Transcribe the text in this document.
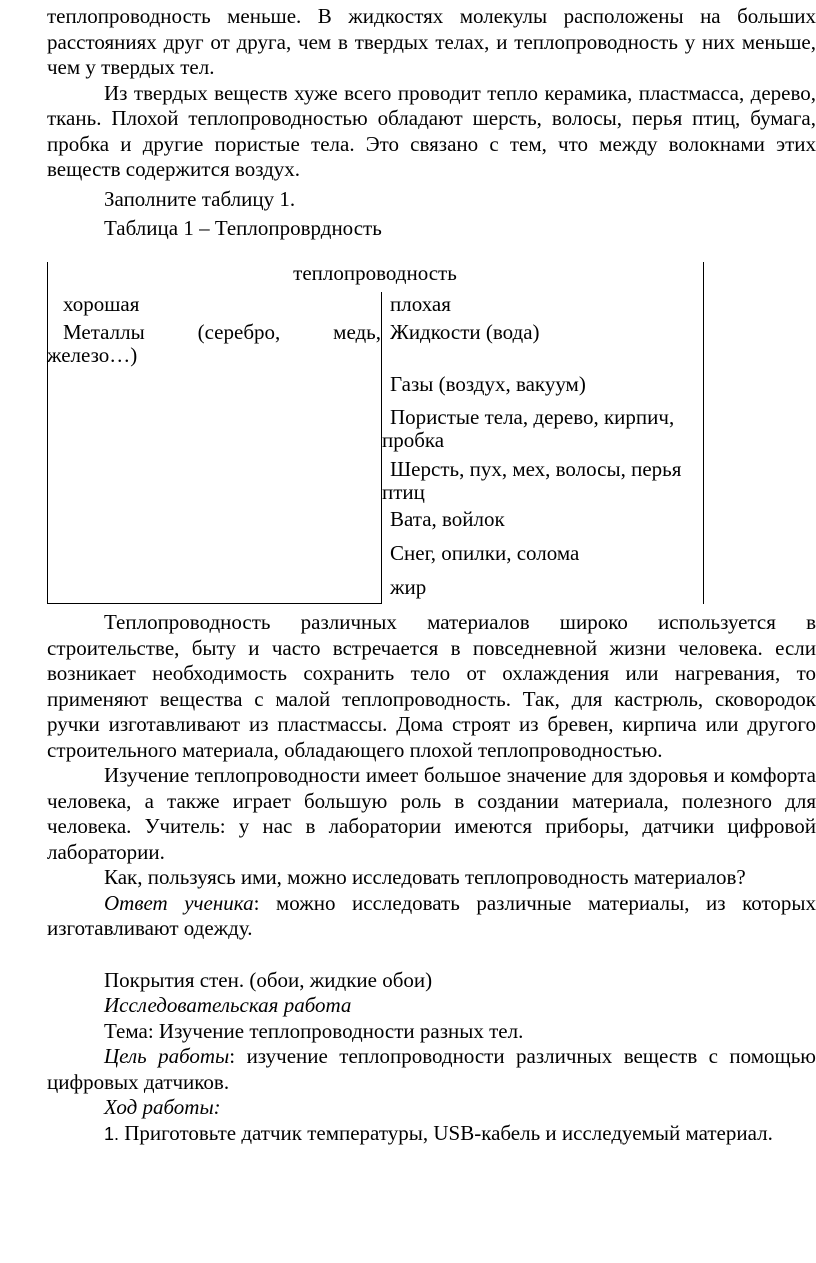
теплопроводность меньше. В жидкостях молекулы расположены на больших расстояниях друг от друга, чем в твердых телах, и теплопроводность у них меньше, чем у твердых тел.

Из твердых веществ хуже всего проводит тепло керамика, пластмасса, дерево, ткань. Плохой теплопроводностью обладают шерсть, волосы, перья птиц, бумага, пробка и другие пористые тела. Это связано с тем, что между волокнами этих веществ содержится воздух.

Заполните таблицу 1.

Таблица 1 – Теплопроврдность

теплопроводность
хорошая	плохая
Металлы (серебро, медь, железо…)
Жидкости (вода)
Газы (воздух, вакуум)
Пористые тела, дерево, кирпич, пробка
Шерсть, пух, мех, волосы, перья птиц
Вата, войлок
Снег, опилки, солома
жир

Теплопроводность различных материалов широко используется в строительстве, быту и часто встречается в повседневной жизни человека. если возникает необходимость сохранить тело от охлаждения или нагревания, то применяют вещества с малой теплопроводность. Так, для кастрюль, сковородок ручки изготавливают из пластмассы. Дома строят из бревен, кирпича или другого строительного материала, обладающего плохой теплопроводностью.

Изучение теплопроводности имеет большое значение для здоровья и комфорта человека, а также играет большую роль в создании материала, полезного для человека. Учитель: у нас в лаборатории имеются приборы, датчики цифровой лаборатории.

Как, пользуясь ими, можно исследовать теплопроводность материалов?

Ответ ученика: можно исследовать различные материалы, из которых изготавливают одежду.

Покрытия стен. (обои, жидкие обои)

Исследовательская работа

Тема: Изучение теплопроводности разных тел.

Цель работы: изучение теплопроводности различных веществ с помощью цифровых датчиков.

Ход работы:

1. Приготовьте датчик температуры, USB-кабель и исследуемый материал.
